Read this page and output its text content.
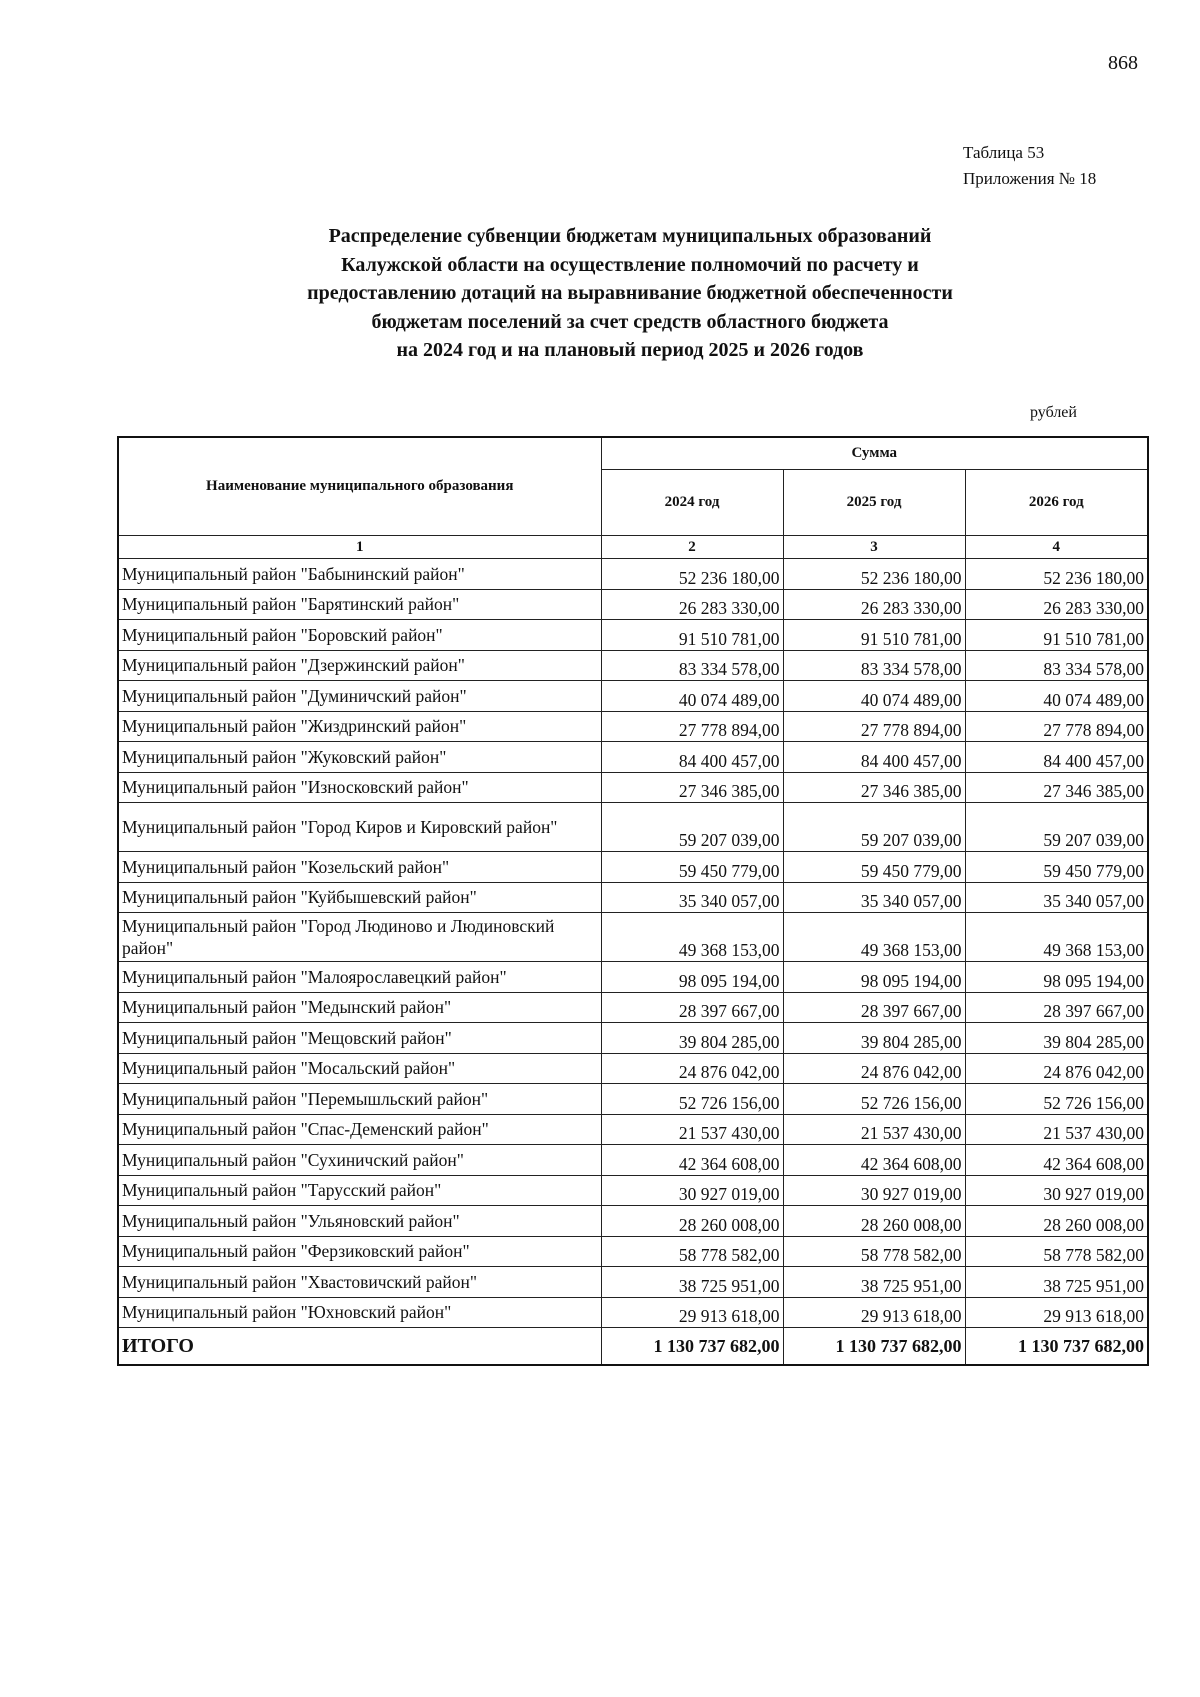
868
Таблица 53
Приложения № 18
Распределение субвенции бюджетам муниципальных образований
Калужской области на осуществление полномочий по расчету и
предоставлению дотаций на выравнивание бюджетной обеспеченности
бюджетам поселений за счет средств областного бюджета
на 2024 год и на плановый период 2025 и 2026 годов
рублей
Наименование муниципального образования	Сумма		
	2024 год	2025 год	2026 год
1	2	3	4
Муниципальный район "Бабынинский район"	52 236 180,00	52 236 180,00	52 236 180,00
Муниципальный район "Барятинский район"	26 283 330,00	26 283 330,00	26 283 330,00
Муниципальный район "Боровский район"	91 510 781,00	91 510 781,00	91 510 781,00
Муниципальный район "Дзержинский район"	83 334 578,00	83 334 578,00	83 334 578,00
Муниципальный район "Думиничский район"	40 074 489,00	40 074 489,00	40 074 489,00
Муниципальный район "Жиздринский район"	27 778 894,00	27 778 894,00	27 778 894,00
Муниципальный район "Жуковский район"	84 400 457,00	84 400 457,00	84 400 457,00
Муниципальный район "Износковский район"	27 346 385,00	27 346 385,00	27 346 385,00
Муниципальный район "Город Киров и Кировский район"	59 207 039,00	59 207 039,00	59 207 039,00
Муниципальный район "Козельский район"	59 450 779,00	59 450 779,00	59 450 779,00
Муниципальный район "Куйбышевский район"	35 340 057,00	35 340 057,00	35 340 057,00
Муниципальный район "Город Людиново и Людиновский район"	49 368 153,00	49 368 153,00	49 368 153,00
Муниципальный район "Малоярославецкий район"	98 095 194,00	98 095 194,00	98 095 194,00
Муниципальный район "Медынский район"	28 397 667,00	28 397 667,00	28 397 667,00
Муниципальный район "Мещовский район"	39 804 285,00	39 804 285,00	39 804 285,00
Муниципальный район "Мосальский район"	24 876 042,00	24 876 042,00	24 876 042,00
Муниципальный район "Перемышльский район"	52 726 156,00	52 726 156,00	52 726 156,00
Муниципальный район "Спас-Деменский район"	21 537 430,00	21 537 430,00	21 537 430,00
Муниципальный район "Сухиничский район"	42 364 608,00	42 364 608,00	42 364 608,00
Муниципальный район "Тарусский район"	30 927 019,00	30 927 019,00	30 927 019,00
Муниципальный район "Ульяновский район"	28 260 008,00	28 260 008,00	28 260 008,00
Муниципальный район "Ферзиковский район"	58 778 582,00	58 778 582,00	58 778 582,00
Муниципальный район "Хвастовичский район"	38 725 951,00	38 725 951,00	38 725 951,00
Муниципальный район "Юхновский район"	29 913 618,00	29 913 618,00	29 913 618,00
ИТОГО	1 130 737 682,00	1 130 737 682,00	1 130 737 682,00
